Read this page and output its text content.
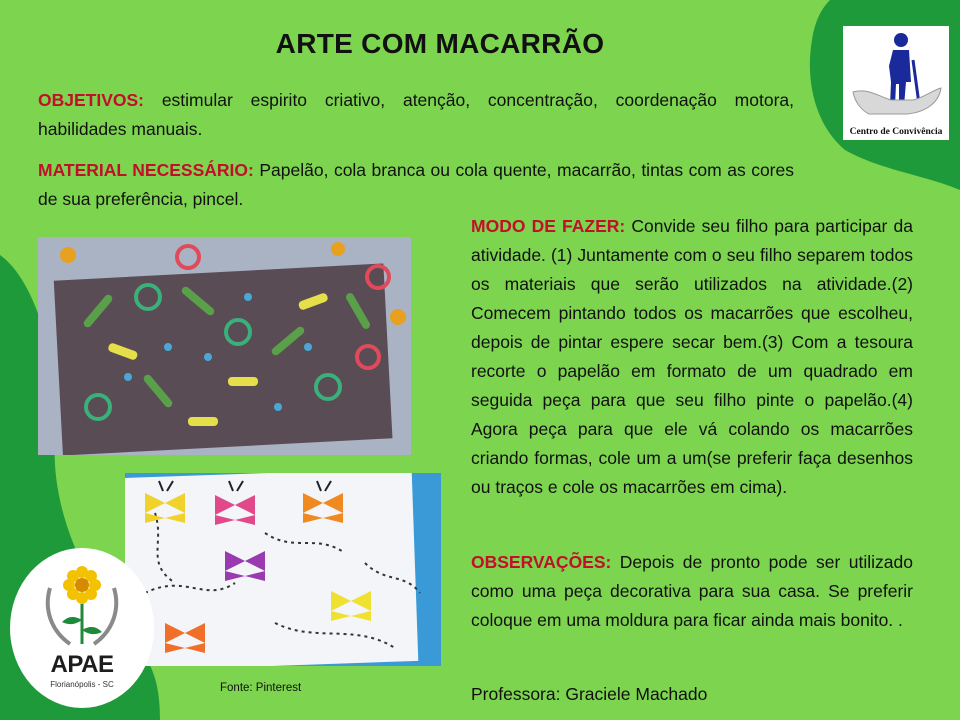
ARTE COM MACARRÃO
OBJETIVOS: estimular espirito criativo, atenção, concentração, coordenação motora, habilidades manuais.
MATERIAL NECESSÁRIO: Papelão, cola branca ou cola quente, macarrão, tintas com as cores de sua preferência, pincel.
MODO DE FAZER: Convide seu filho para participar da atividade. (1) Juntamente com o seu filho separem todos os materiais que serão utilizados na atividade.(2) Comecem pintando todos os macarrões que escolheu, depois de pintar espere secar bem.(3) Com a tesoura recorte o papelão em formato de um quadrado em seguida peça para que seu filho pinte o papelão.(4) Agora peça para que ele vá colando os macarrões criando formas, cole um a um(se preferir faça desenhos ou traços e cole os macarrões em cima).
OBSERVAÇÕES: Depois de pronto pode ser utilizado como uma peça decorativa para sua casa. Se preferir coloque em uma moldura para ficar ainda mais bonito. .
Professora: Graciele Machado
Fonte: Pinterest
Centro de Convivência
APAE
Florianópolis - SC
